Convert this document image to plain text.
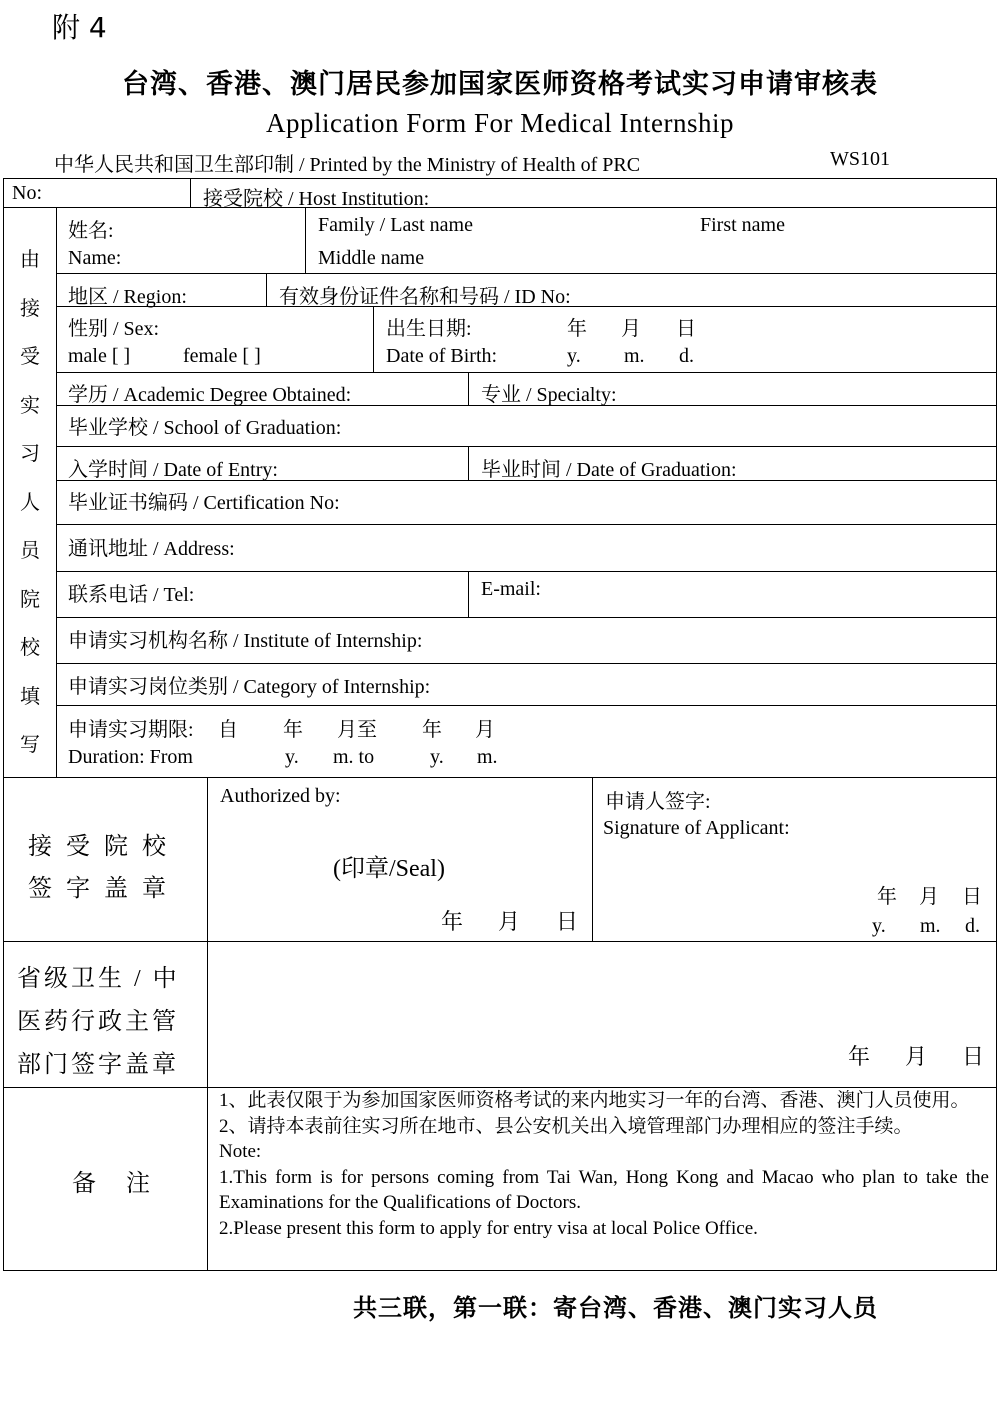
附 4
台湾、香港、澳门居民参加国家医师资格考试实习申请审核表
Application Form For Medical Internship
中华人民共和国卫生部印制 / Printed by the Ministry of Health of PRC	WS101
No:	接受院校 / Host Institution:
由
接
受
实
习
人
员
院
校
填
写
姓名:
Name:
Family / Last name	First name
Middle name
地区 / Region:	有效身份证件名称和号码 / ID No:
性别 / Sex:
male [ ]	female [ ]
出生日期:	年 月 日
Date of Birth:	y. m. d.
学历 / Academic Degree Obtained:	专业 / Specialty:
毕业学校 / School of Graduation:
入学时间 / Date of Entry:	毕业时间 / Date of Graduation:
毕业证书编码 / Certification No:
通讯地址 / Address:
联系电话 / Tel:	E-mail:
申请实习机构名称 / Institute of Internship:
申请实习岗位类别 / Category of Internship:
申请实习期限: 自 年 月至 年 月
Duration: From	y. m. to	y. m.
接受院校
签字盖章
Authorized by:
(印章/Seal)
年 月 日
申请人签字:
Signature of Applicant:
年 月 日
y. m. d.
省级卫生 / 中
医药行政主管
部门签字盖章	年 月 日
备  注
1、此表仅限于为参加国家医师资格考试的来内地实习一年的台湾、香港、澳门人员使用。
2、请持本表前往实习所在地市、县公安机关出入境管理部门办理相应的签注手续。
Note:
1.This form is for persons coming from Tai Wan, Hong Kong and Macao who plan to take the Examinations for the Qualifications of Doctors.
2.Please present this form to apply for entry visa at local Police Office.
共三联，第一联：寄台湾、香港、澳门实习人员
